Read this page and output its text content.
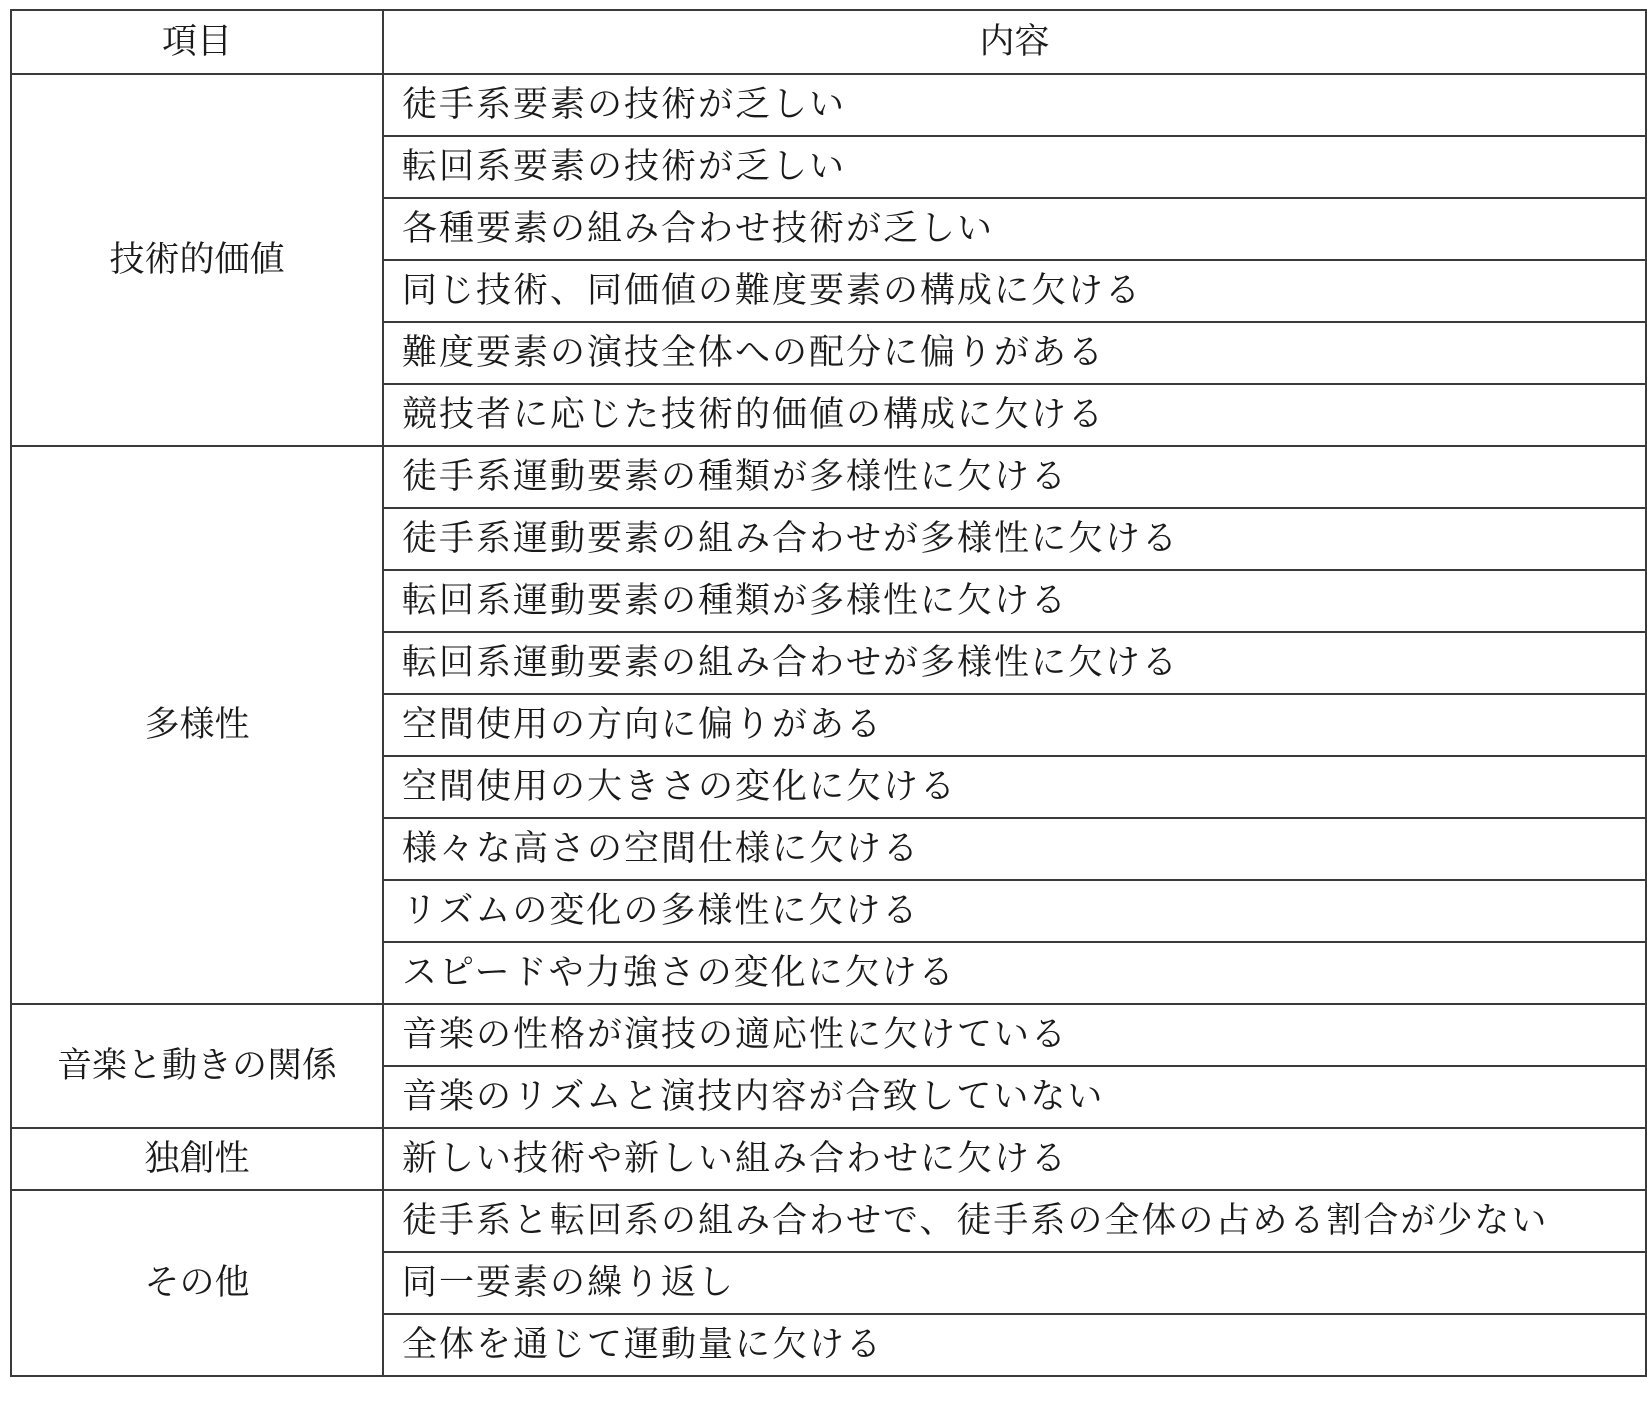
項目	内容
技術的価値	徒手系要素の技術が乏しい
	転回系要素の技術が乏しい
	各種要素の組み合わせ技術が乏しい
	同じ技術、同価値の難度要素の構成に欠ける
	難度要素の演技全体への配分に偏りがある
	競技者に応じた技術的価値の構成に欠ける
多様性	徒手系運動要素の種類が多様性に欠ける
	徒手系運動要素の組み合わせが多様性に欠ける
	転回系運動要素の種類が多様性に欠ける
	転回系運動要素の組み合わせが多様性に欠ける
	空間使用の方向に偏りがある
	空間使用の大きさの変化に欠ける
	様々な高さの空間仕様に欠ける
	リズムの変化の多様性に欠ける
	スピードや力強さの変化に欠ける
音楽と動きの関係	音楽の性格が演技の適応性に欠けている
	音楽のリズムと演技内容が合致していない
独創性	新しい技術や新しい組み合わせに欠ける
その他	徒手系と転回系の組み合わせで、徒手系の全体の占める割合が少ない
	同一要素の繰り返し
	全体を通じて運動量に欠ける
